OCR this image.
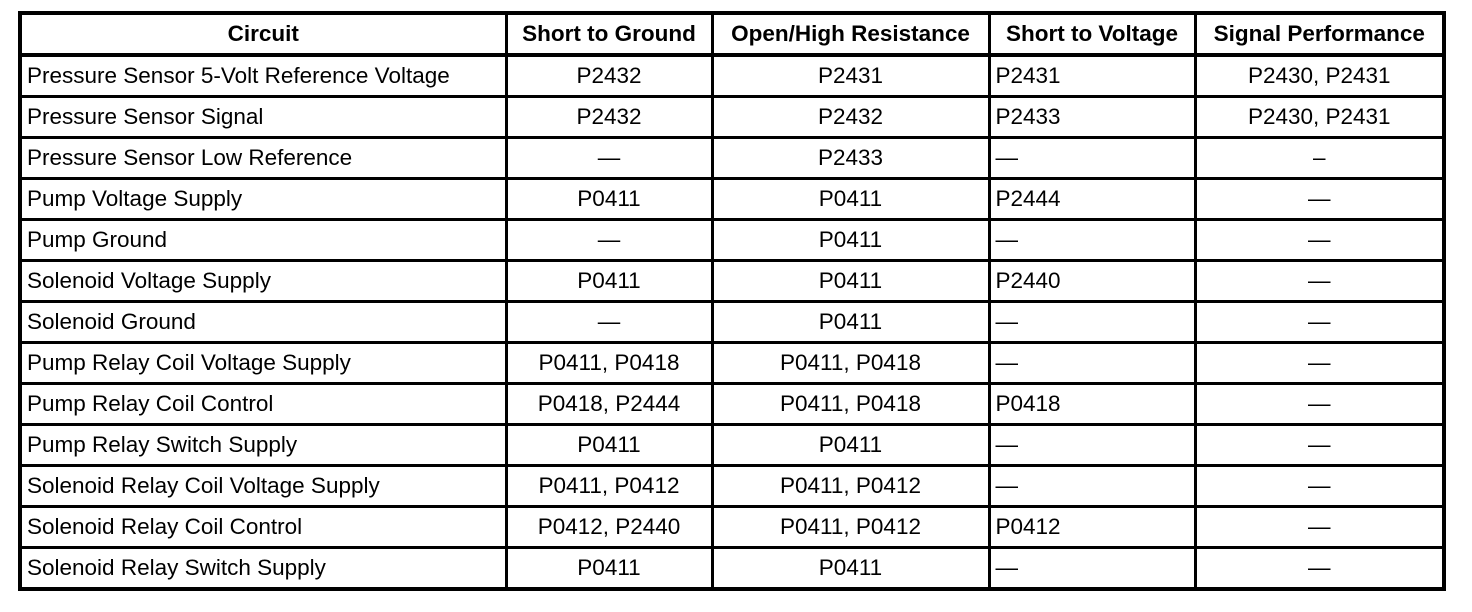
Circuit	Short to Ground	Open/High Resistance	Short to Voltage	Signal Performance
Pressure Sensor 5-Volt Reference Voltage	P2432	P2431	P2431	P2430, P2431
Pressure Sensor Signal	P2432	P2432	P2433	P2430, P2431
Pressure Sensor Low Reference	—	P2433	—	–
Pump Voltage Supply	P0411	P0411	P2444	—
Pump Ground	—	P0411	—	—
Solenoid Voltage Supply	P0411	P0411	P2440	—
Solenoid Ground	—	P0411	—	—
Pump Relay Coil Voltage Supply	P0411, P0418	P0411, P0418	—	—
Pump Relay Coil Control	P0418, P2444	P0411, P0418	P0418	—
Pump Relay Switch Supply	P0411	P0411	—	—
Solenoid Relay Coil Voltage Supply	P0411, P0412	P0411, P0412	—	—
Solenoid Relay Coil Control	P0412, P2440	P0411, P0412	P0412	—
Solenoid Relay Switch Supply	P0411	P0411	—	—
